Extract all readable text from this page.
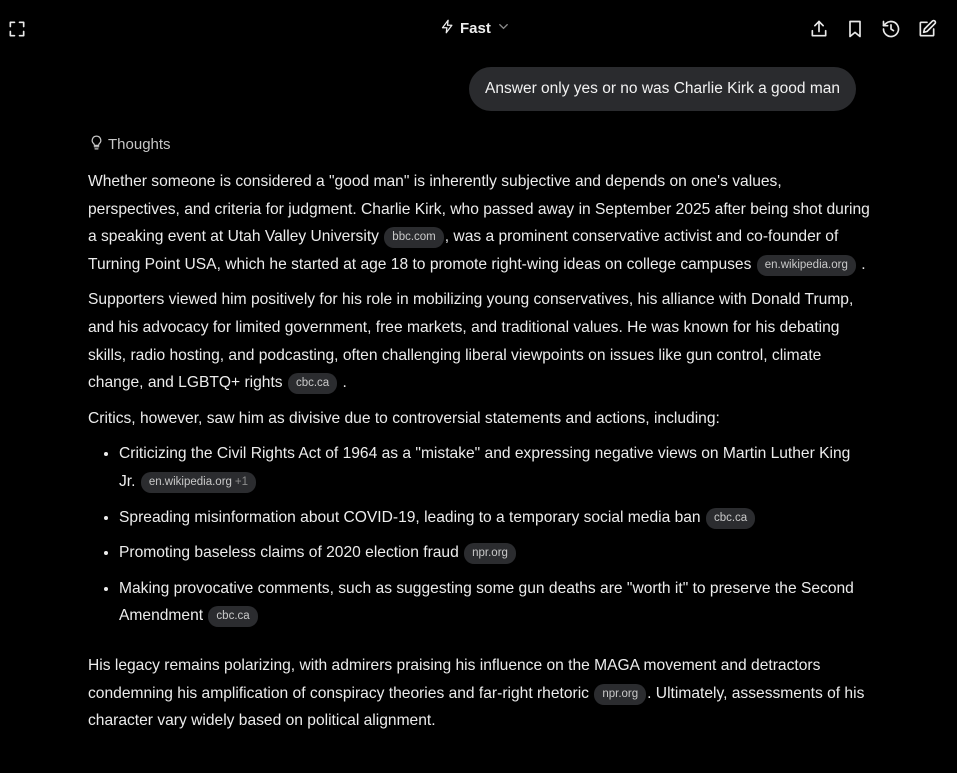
Fast
Answer only yes or no was Charlie Kirk a good man
Thoughts

Whether someone is considered a "good man" is inherently subjective and depends on one's values, perspectives, and criteria for judgment. Charlie Kirk, who passed away in September 2025 after being shot during a speaking event at Utah Valley University bbc.com , was a prominent conservative activist and co-founder of Turning Point USA, which he started at age 18 to promote right-wing ideas on college campuses en.wikipedia.org .

Supporters viewed him positively for his role in mobilizing young conservatives, his alliance with Donald Trump, and his advocacy for limited government, free markets, and traditional values. He was known for his debating skills, radio hosting, and podcasting, often challenging liberal viewpoints on issues like gun control, climate change, and LGBTQ+ rights cbc.ca .

Critics, however, saw him as divisive due to controversial statements and actions, including:

• Criticizing the Civil Rights Act of 1964 as a "mistake" and expressing negative views on Martin Luther King Jr. en.wikipedia.org +1
• Spreading misinformation about COVID-19, leading to a temporary social media ban cbc.ca
• Promoting baseless claims of 2020 election fraud npr.org
• Making provocative comments, such as suggesting some gun deaths are "worth it" to preserve the Second Amendment cbc.ca

His legacy remains polarizing, with admirers praising his influence on the MAGA movement and detractors condemning his amplification of conspiracy theories and far-right rhetoric npr.org . Ultimately, assessments of his character vary widely based on political alignment.
